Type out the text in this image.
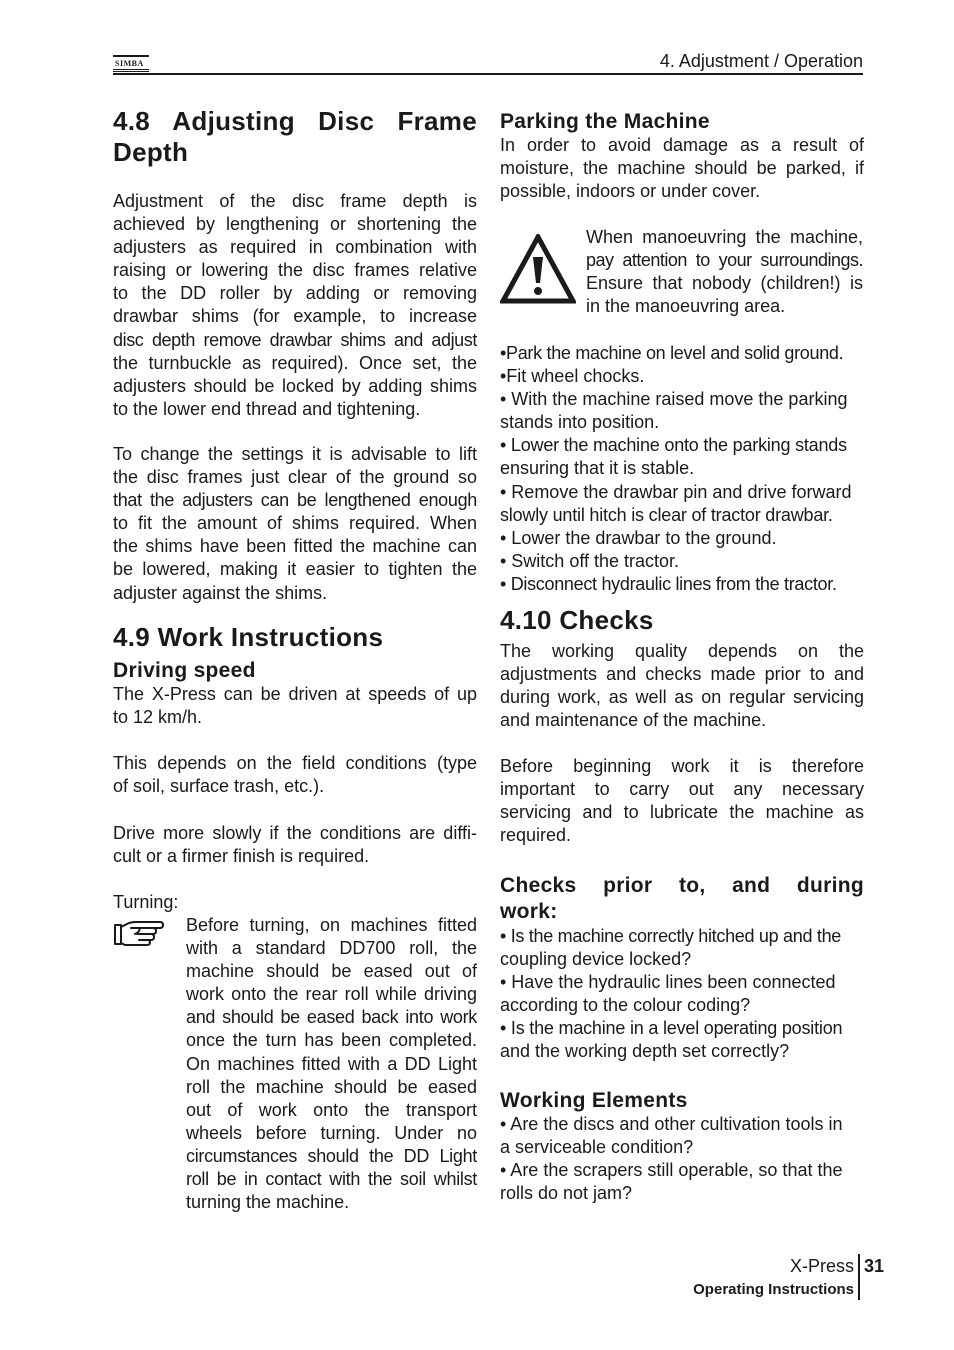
SIMBA	4. Adjustment / Operation
4.8 Adjusting Disc Frame Depth
Adjustment of the disc frame depth is
achieved by lengthening or shortening the
adjusters as required in combination with
raising or lowering the disc frames relative
to the DD roller by adding or removing
drawbar shims (for example, to increase
disc depth remove drawbar shims and adjust
the turnbuckle as required). Once set, the
adjusters should be locked by adding shims
to the lower end thread and tightening.
To change the settings it is advisable to lift
the disc frames just clear of the ground so
that the adjusters can be lengthened enough
to fit the amount of shims required. When
the shims have been fitted the machine can
be lowered, making it easier to tighten the
adjuster against the shims.
4.9 Work Instructions
Driving speed
The X-Press can be driven at speeds of up
to 12 km/h.
This depends on the field conditions (type
of soil, surface trash, etc.).
Drive more slowly if the conditions are diffi-
cult or a firmer finish is required.
Turning:
Before turning, on machines fitted
with a standard DD700 roll, the
machine should be eased out of
work onto the rear roll while driving
and should be eased back into work
once the turn has been completed.
On machines fitted with a DD Light
roll the machine should be eased
out of work onto the transport
wheels before turning. Under no
circumstances should the DD Light
roll be in contact with the soil whilst
turning the machine.
Parking the Machine
In order to avoid damage as a result of
moisture, the machine should be parked, if
possible, indoors or under cover.
When manoeuvring the machine,
pay attention to your surroundings.
Ensure that nobody (children!) is
in the manoeuvring area.
•Park the machine on level and solid ground.
•Fit wheel chocks.
• With the machine raised move the parking
stands into position.
• Lower the machine onto the parking stands
ensuring that it is stable.
• Remove the drawbar pin and drive forward
slowly until hitch is clear of tractor drawbar.
• Lower the drawbar to the ground.
• Switch off the tractor.
• Disconnect hydraulic lines from the tractor.
4.10 Checks
The working quality depends on the
adjustments and checks made prior to and
during work, as well as on regular servicing
and maintenance of the machine.
Before beginning work it is therefore
important to carry out any necessary
servicing and to lubricate the machine as
required.
Checks prior to, and during
work:
• Is the machine correctly hitched up and the
coupling device locked?
• Have the hydraulic lines been connected
according to the colour coding?
• Is the machine in a level operating position
and the working depth set correctly?
Working Elements
• Are the discs and other cultivation tools in
a serviceable condition?
• Are the scrapers still operable, so that the
rolls do not jam?
X-Press 31
Operating Instructions
